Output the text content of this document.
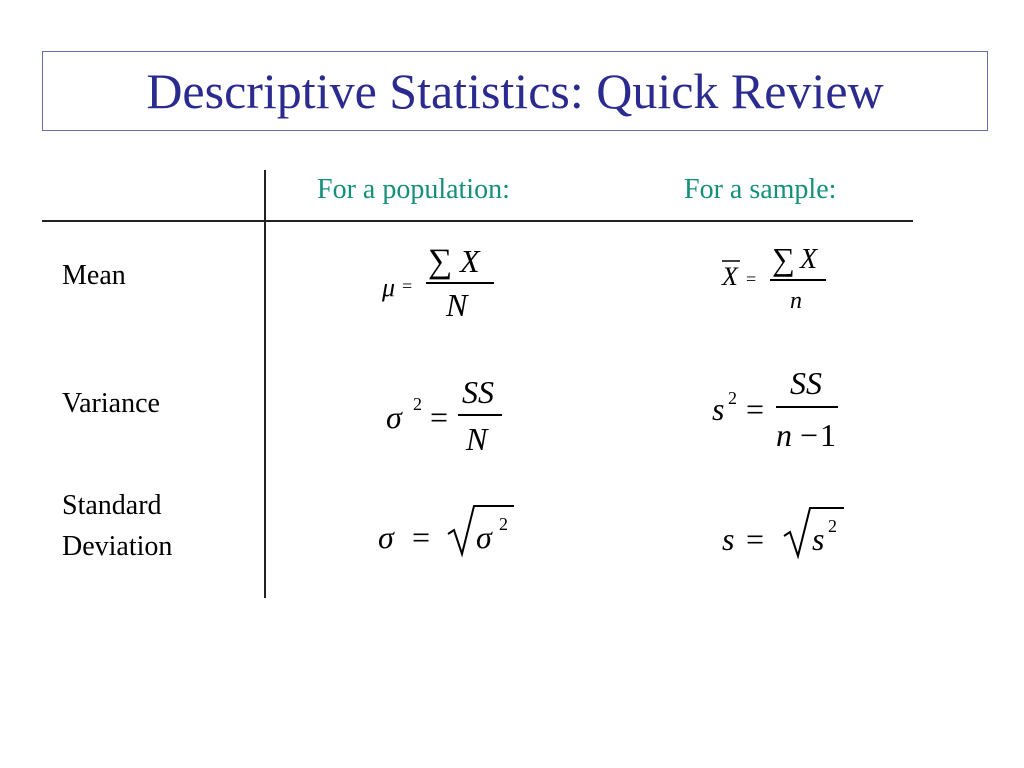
Descriptive Statistics: Quick Review
For a population:	For a sample:
Mean
Variance
Standard
Deviation
μ =
∑ X
N
X =
∑ X
n
σ 2 =
SS
N
s 2 =
SS
n − 1
σ = σ 2	s = s 2
